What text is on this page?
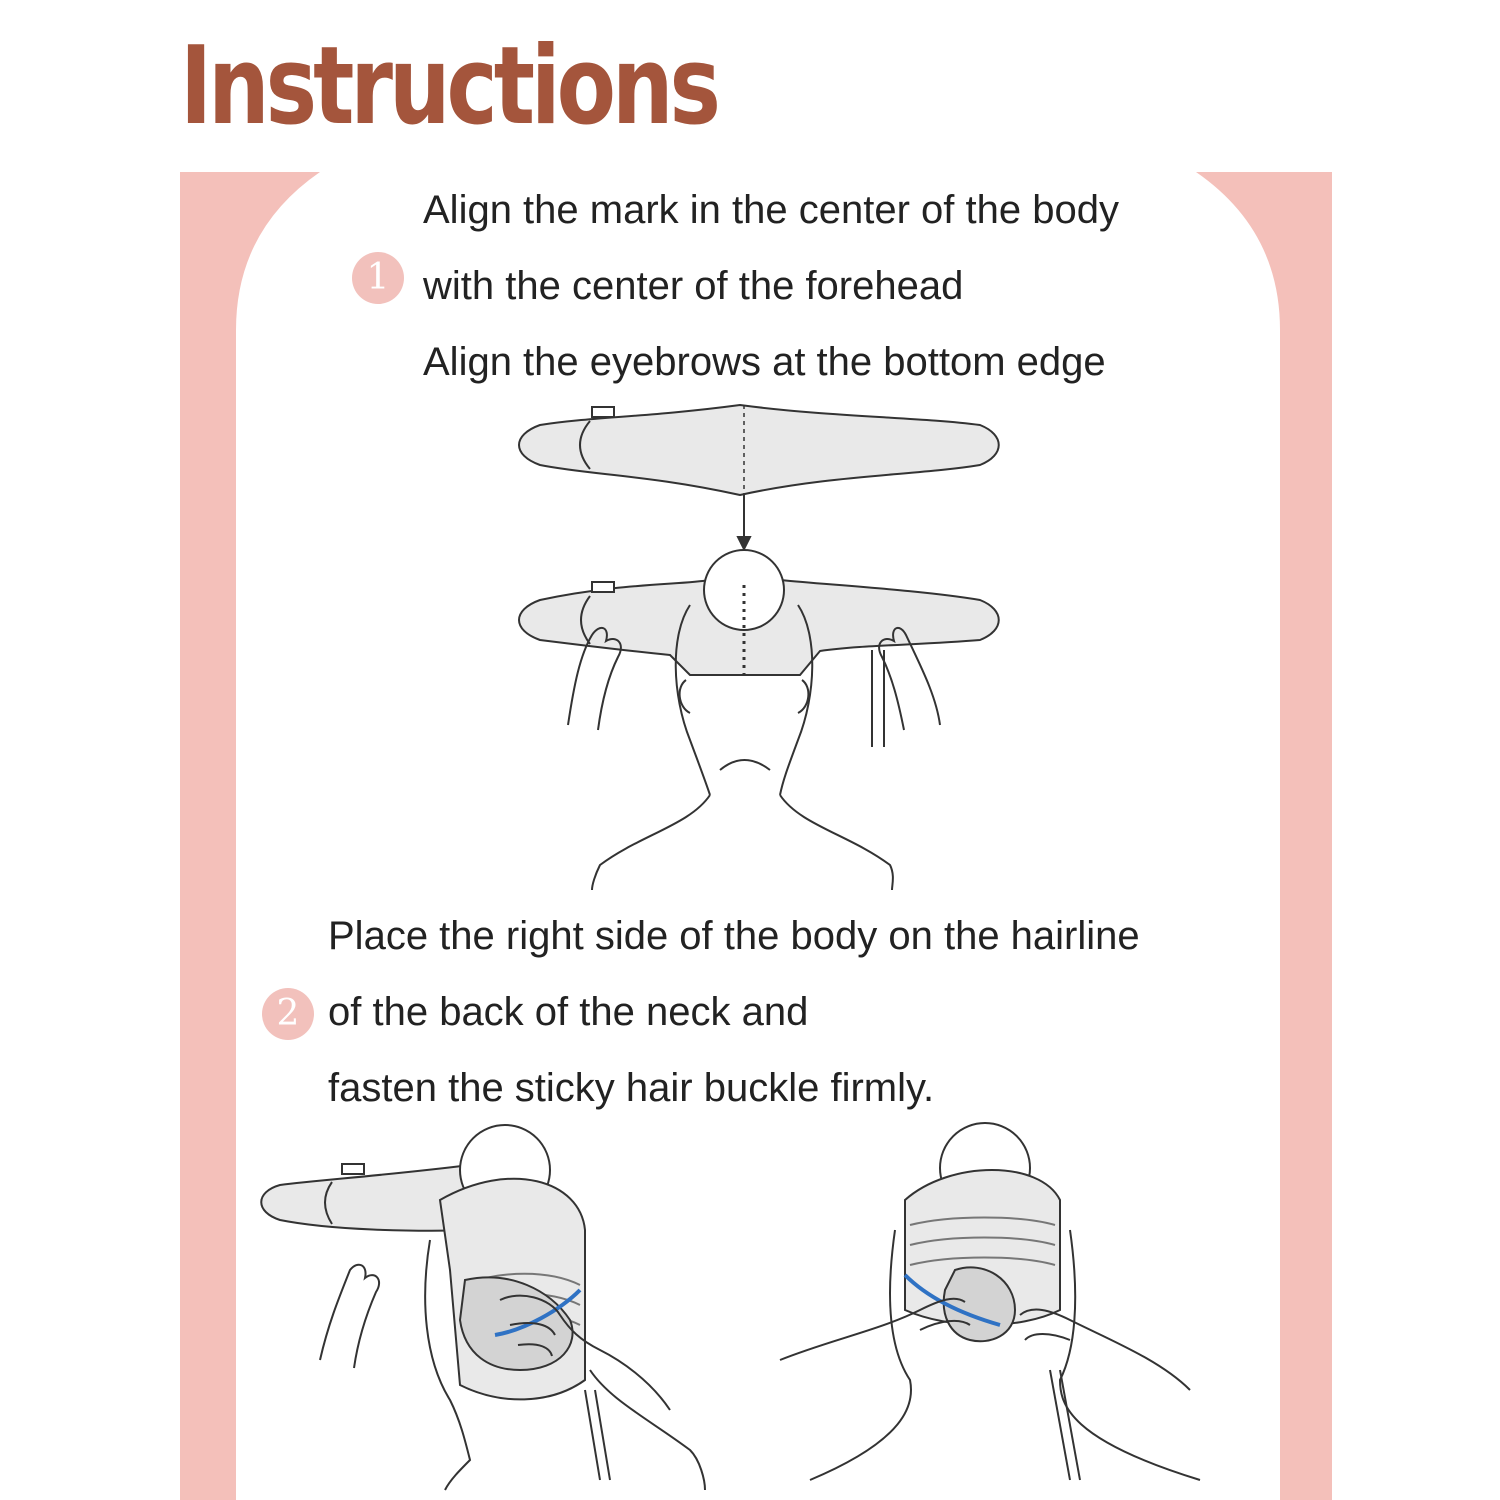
Instructions
1
Align the mark in the center of the body
with the center of the forehead
Align the eyebrows at the bottom edge
2
Place the right side of the body on the hairline
of the back of the neck and
fasten the sticky hair buckle firmly.
